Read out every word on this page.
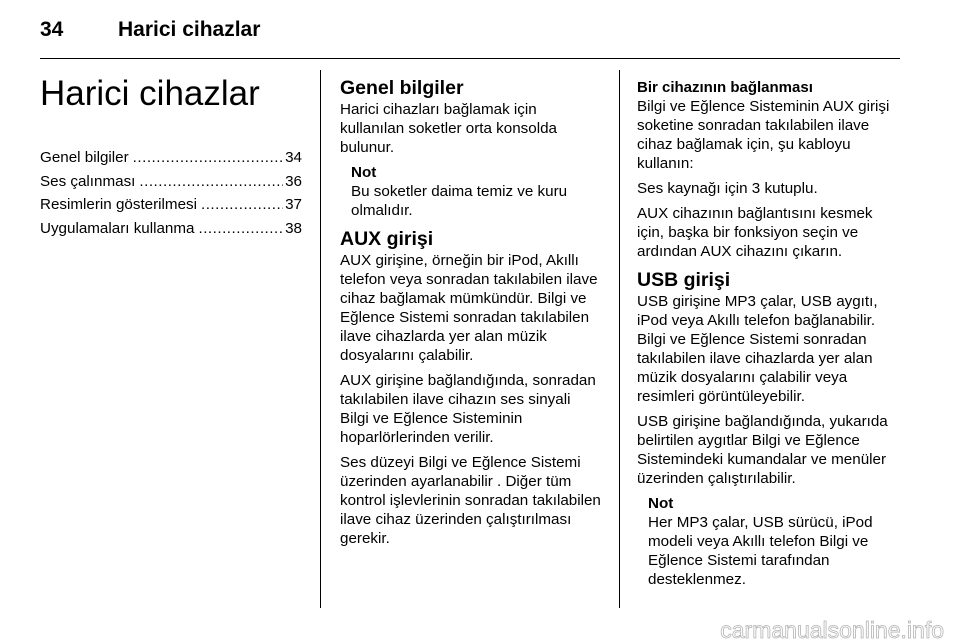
34	Harici cihazlar
Harici cihazlar
Genel bilgiler .....	34
Ses çalınması .....	36
Resimlerin gösterilmesi .....	37
Uygulamaları kullanma .....	38
Genel bilgiler

Harici cihazları bağlamak için kullanılan soketler orta konsolda bulunur.

Not
Bu soketler daima temiz ve kuru olmalıdır.
AUX girişi

AUX girişine, örneğin bir iPod, Akıllı telefon veya sonradan takılabilen ilave cihaz bağlamak mümkündür. Bilgi ve Eğlence Sistemi sonradan takılabilen ilave cihazlarda yer alan müzik dosyalarını çalabilir.

AUX girişine bağlandığında, sonradan takılabilen ilave cihazın ses sinyali Bilgi ve Eğlence Sisteminin hoparlörlerinden verilir.

Ses düzeyi Bilgi ve Eğlence Sistemi üzerinden ayarlanabilir . Diğer tüm kontrol işlevlerinin sonradan takılabilen ilave cihaz üzerinden çalıştırılması gerekir.

Bir cihazının bağlanması

Bilgi ve Eğlence Sisteminin AUX girişi soketine sonradan takılabilen ilave cihaz bağlamak için, şu kabloyu kullanın:

Ses kaynağı için 3 kutuplu.

AUX cihazının bağlantısını kesmek için, başka bir fonksiyon seçin ve ardından AUX cihazını çıkarın.

USB girişi

USB girişine MP3 çalar, USB aygıtı, iPod veya Akıllı telefon bağlanabilir. Bilgi ve Eğlence Sistemi sonradan takılabilen ilave cihazlarda yer alan müzik dosyalarını çalabilir veya resimleri görüntüleyebilir.

USB girişine bağlandığında, yukarıda belirtilen aygıtlar Bilgi ve Eğlence Sistemindeki kumandalar ve menüler üzerinden çalıştırılabilir.

Not
Her MP3 çalar, USB sürücü, iPod modeli veya Akıllı telefon Bilgi ve Eğlence Sistemi tarafından desteklenmez.
carmanualsonline.info
